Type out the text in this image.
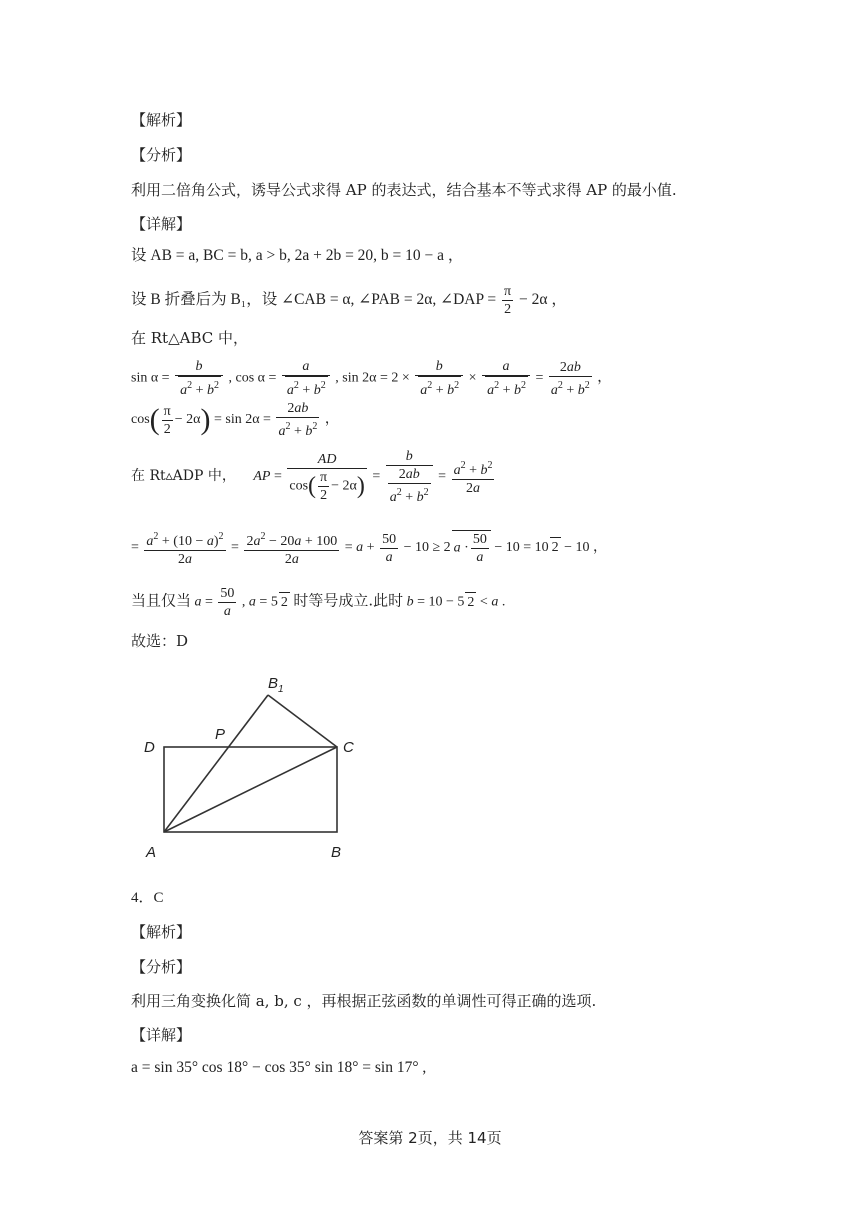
【解析】
【分析】
利用二倍角公式，诱导公式求得 AP 的表达式，结合基本不等式求得 AP 的最小值.
【详解】
设 AB = a, BC = b, a > b, 2a + 2b = 20, b = 10 − a ，
设 B 折叠后为 B₁，设 ∠CAB = α, ∠PAB = 2α, ∠DAP = $\frac{\pi}{2} - 2\alpha$ ，
在 Rt△ABC 中，
$\sin \alpha = \frac{b}{a^2 + b^2}$ , $\cos \alpha = \frac{a}{a^2 + b^2}$ , $\sin 2\alpha = 2 \times \frac{b}{a^2 + b^2} \times \frac{a}{a^2 + b^2} = \frac{2ab}{a^2 + b^2}$ ，
$\cos( \frac{\pi}{2} - 2\alpha) = \sin 2\alpha = \frac{2ab}{a^2 + b^2}$ ，
在 Rt▵ADP 中， AP = $\frac{AD}{\cos( \frac{\pi}{2} - 2\alpha)} = \frac{b}{\frac{2ab}{a^2 + b^2}} = \frac{a^2 + b^2}{2a}$
= $\frac{a^2 + (10 - a)^2}{2a} = \frac{2a^2 - 20a + 100}{2a} = a + \frac{50}{a} - 10 \ge 2$ $a \cdot \frac{50}{a} - 10 = 10$ 2 − 10 ，
当且仅当 $a = \frac{50}{a}$ , a = 5 2 时等号成立.此时 b = 10 − 5 2 < a .
故选：D
$B_1$
D
P
C
A	B
4．C
【解析】
【分析】
利用三角变换化简 a, b, c ，再根据正弦函数的单调性可得正确的选项.
【详解】
a = sin 35° cos 18° − cos 35° sin 18° = sin 17° ,
答案第 2页，共 14页
